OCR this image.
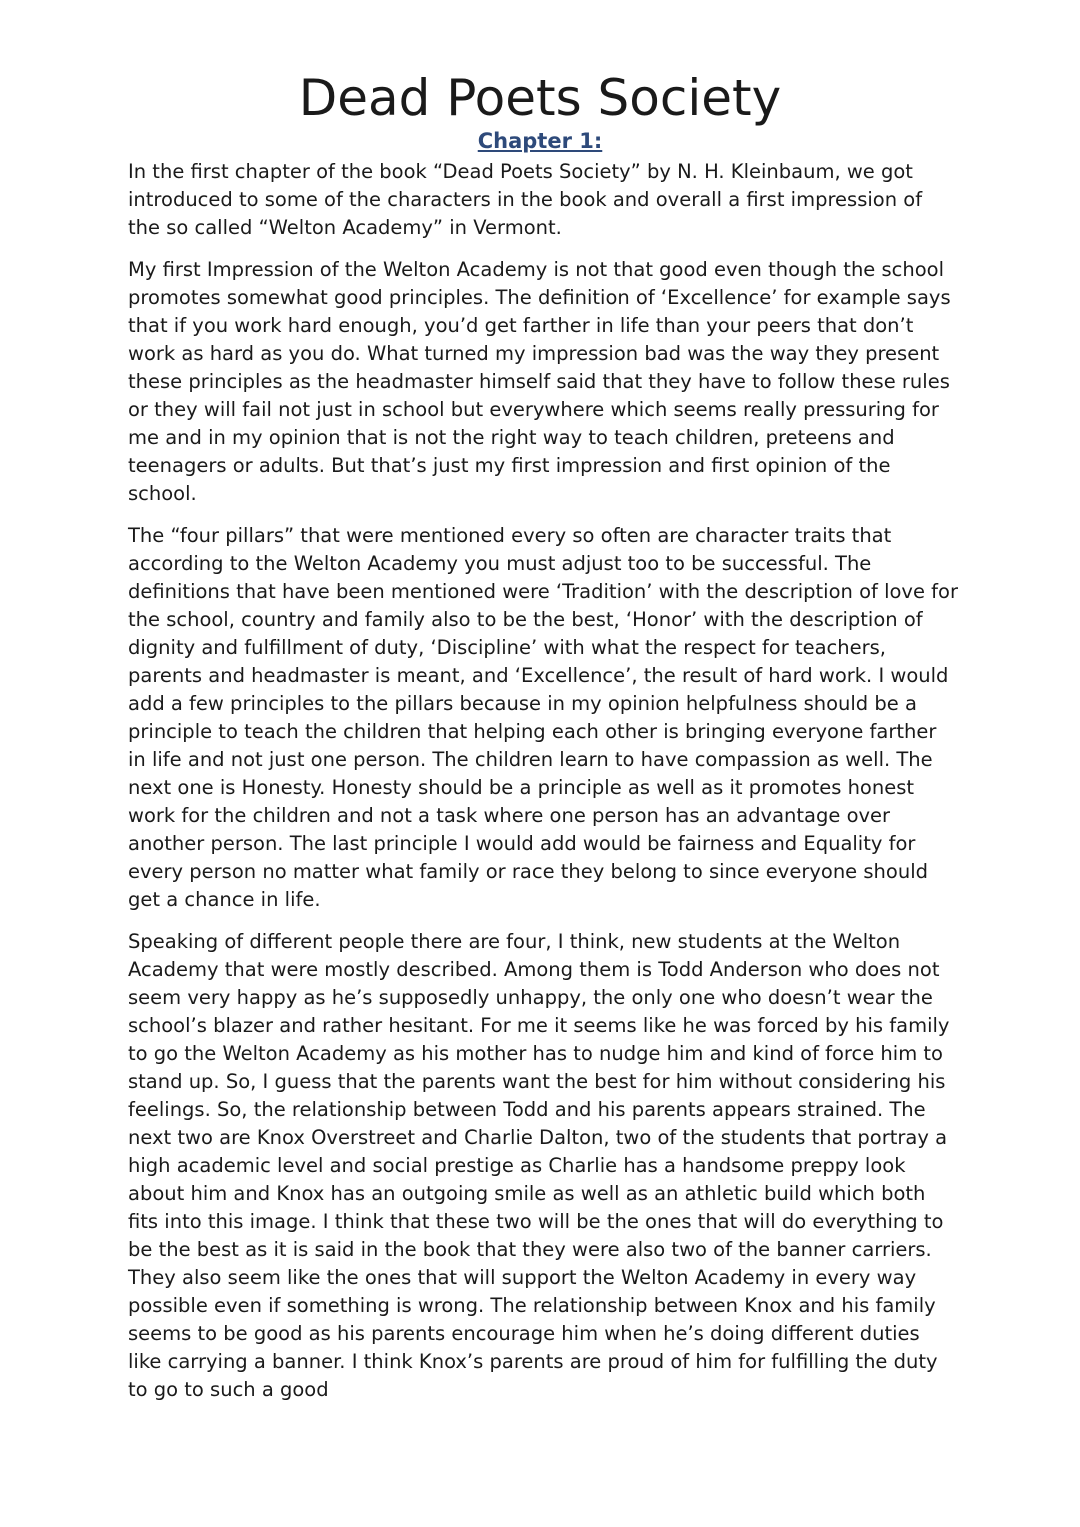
Dead Poets Society
Chapter 1:

In the first chapter of the book “Dead Poets Society” by N. H. Kleinbaum, we got introduced to some of the characters in the book and overall a first impression of the so called “Welton Academy” in Vermont.

My first Impression of the Welton Academy is not that good even though the school promotes somewhat good principles. The definition of ‘Excellence’ for example says that if you work hard enough, you’d get farther in life than your peers that don’t work as hard as you do. What turned my impression bad was the way they present these principles as the headmaster himself said that they have to follow these rules or they will fail not just in school but everywhere which seems really pressuring for me and in my opinion that is not the right way to teach children, preteens and teenagers or adults. But that’s just my first impression and first opinion of the school.

The “four pillars” that were mentioned every so often are character traits that according to the Welton Academy you must adjust too to be successful. The definitions that have been mentioned were ‘Tradition’ with the description of love for the school, country and family also to be the best, ‘Honor’ with the description of dignity and fulfillment of duty, ‘Discipline’ with what the respect for teachers, parents and headmaster is meant, and ‘Excellence’, the result of hard work. I would add a few principles to the pillars because in my opinion helpfulness should be a principle to teach the children that helping each other is bringing everyone farther in life and not just one person. The children learn to have compassion as well. The next one is Honesty. Honesty should be a principle as well as it promotes honest work for the children and not a task where one person has an advantage over another person. The last principle I would add would be fairness and Equality for every person no matter what family or race they belong to since everyone should get a chance in life.

Speaking of different people there are four, I think, new students at the Welton Academy that were mostly described. Among them is Todd Anderson who does not seem very happy as he’s supposedly unhappy, the only one who doesn’t wear the school’s blazer and rather hesitant. For me it seems like he was forced by his family to go the Welton Academy as his mother has to nudge him and kind of force him to stand up. So, I guess that the parents want the best for him without considering his feelings. So, the relationship between Todd and his parents appears strained. The next two are Knox Overstreet and Charlie Dalton, two of the students that portray a high academic level and social prestige as Charlie has a handsome preppy look about him and Knox has an outgoing smile as well as an athletic build which both fits into this image. I think that these two will be the ones that will do everything to be the best as it is said in the book that they were also two of the banner carriers. They also seem like the ones that will support the Welton Academy in every way possible even if something is wrong. The relationship between Knox and his family seems to be good as his parents encourage him when he’s doing different duties like carrying a banner. I think Knox’s parents are proud of him for fulfilling the duty to go to such a good
